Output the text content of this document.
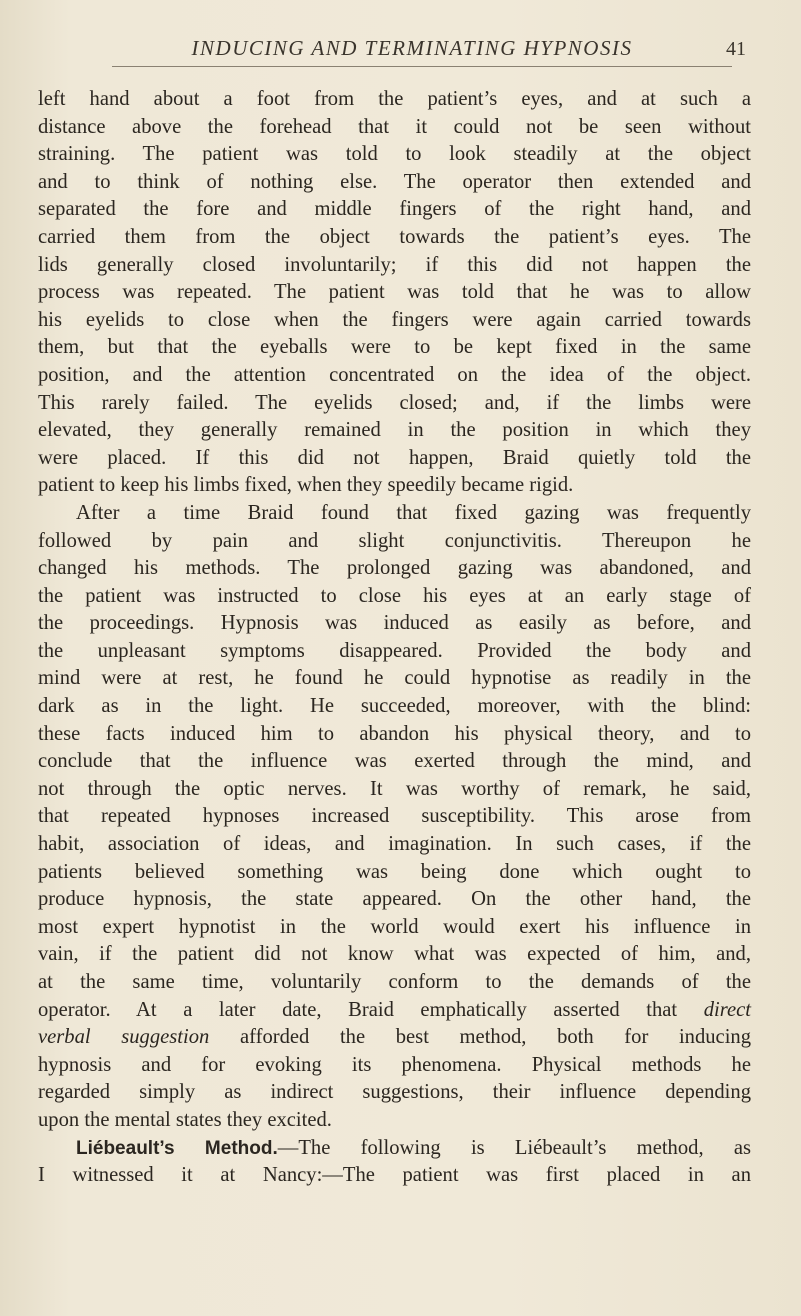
INDUCING AND TERMINATING HYPNOSIS	41
left hand about a foot from the patient’s eyes, and at such a
distance above the forehead that it could not be seen without
straining. The patient was told to look steadily at the object
and to think of nothing else. The operator then extended and
separated the fore and middle fingers of the right hand, and
carried them from the object towards the patient’s eyes. The
lids generally closed involuntarily; if this did not happen the
process was repeated. The patient was told that he was to allow
his eyelids to close when the fingers were again carried towards
them, but that the eyeballs were to be kept fixed in the same
position, and the attention concentrated on the idea of the object.
This rarely failed. The eyelids closed; and, if the limbs were
elevated, they generally remained in the position in which they
were placed. If this did not happen, Braid quietly told the
patient to keep his limbs fixed, when they speedily became rigid.
After a time Braid found that fixed gazing was frequently
followed by pain and slight conjunctivitis. Thereupon he
changed his methods. The prolonged gazing was abandoned, and
the patient was instructed to close his eyes at an early stage of
the proceedings. Hypnosis was induced as easily as before, and
the unpleasant symptoms disappeared. Provided the body and
mind were at rest, he found he could hypnotise as readily in the
dark as in the light. He succeeded, moreover, with the blind:
these facts induced him to abandon his physical theory, and to
conclude that the influence was exerted through the mind, and
not through the optic nerves. It was worthy of remark, he said,
that repeated hypnoses increased susceptibility. This arose from
habit, association of ideas, and imagination. In such cases, if the
patients believed something was being done which ought to
produce hypnosis, the state appeared. On the other hand, the
most expert hypnotist in the world would exert his influence in
vain, if the patient did not know what was expected of him, and,
at the same time, voluntarily conform to the demands of the
operator. At a later date, Braid emphatically asserted that direct
verbal suggestion afforded the best method, both for inducing
hypnosis and for evoking its phenomena. Physical methods he
regarded simply as indirect suggestions, their influence depending
upon the mental states they excited.
Liébeault’s Method.—The following is Liébeault’s method, as
I witnessed it at Nancy:—The patient was first placed in an
